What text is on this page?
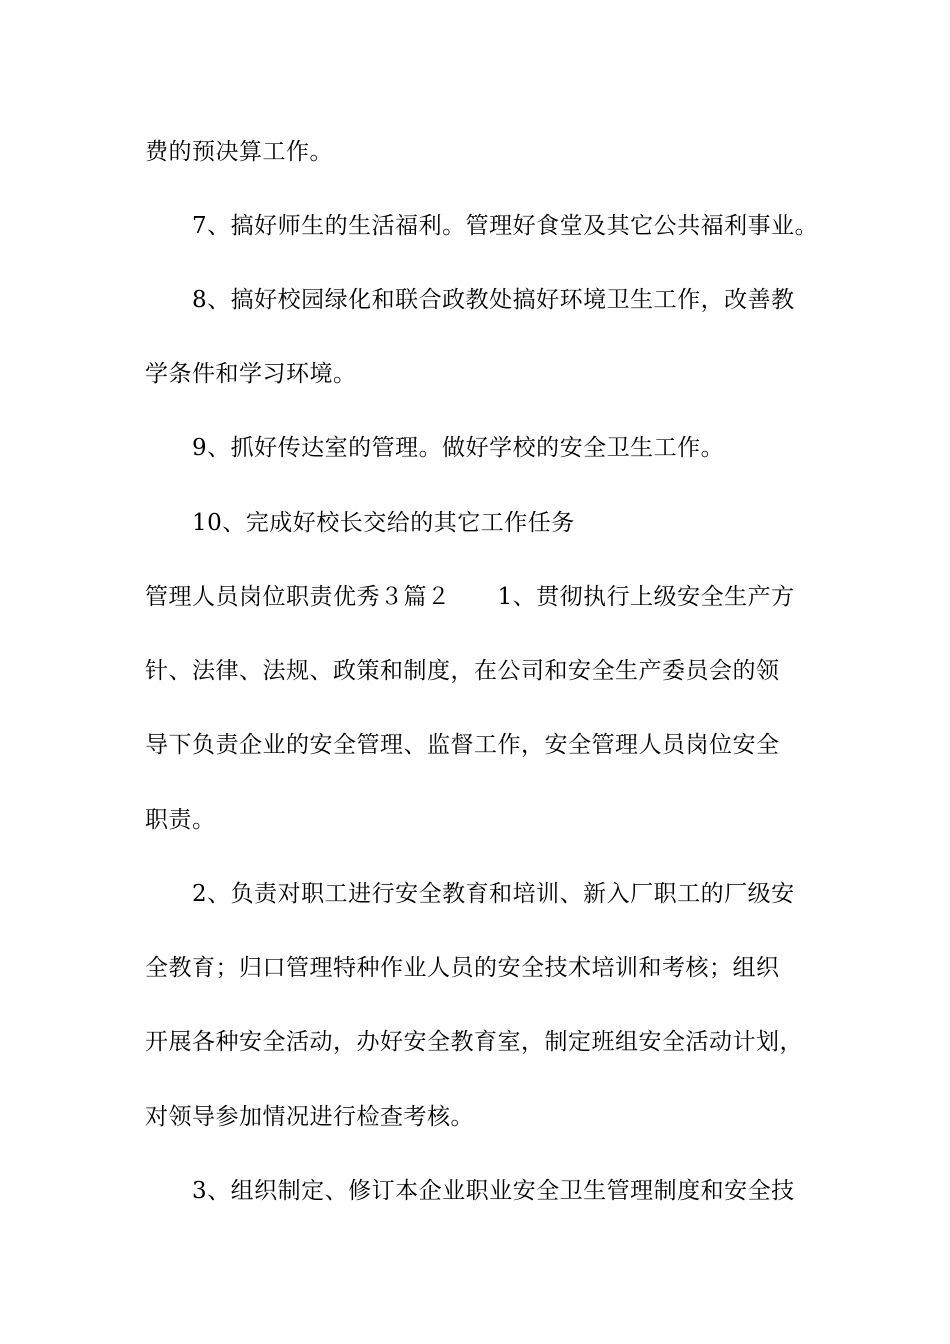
费的预决算工作。
7、搞好师生的生活福利。管理好食堂及其它公共福利事业。
8、搞好校园绿化和联合政教处搞好环境卫生工作，改善教
学条件和学习环境。
9、抓好传达室的管理。做好学校的安全卫生工作。
10、完成好校长交给的其它工作任务
管理人员岗位职责优秀３篇２　　1、贯彻执行上级安全生产方
针、法律、法规、政策和制度，在公司和安全生产委员会的领
导下负责企业的安全管理、监督工作，安全管理人员岗位安全
职责。
2、负责对职工进行安全教育和培训、新入厂职工的厂级安
全教育；归口管理特种作业人员的安全技术培训和考核；组织
开展各种安全活动，办好安全教育室，制定班组安全活动计划，
对领导参加情况进行检查考核。
3、组织制定、修订本企业职业安全卫生管理制度和安全技
